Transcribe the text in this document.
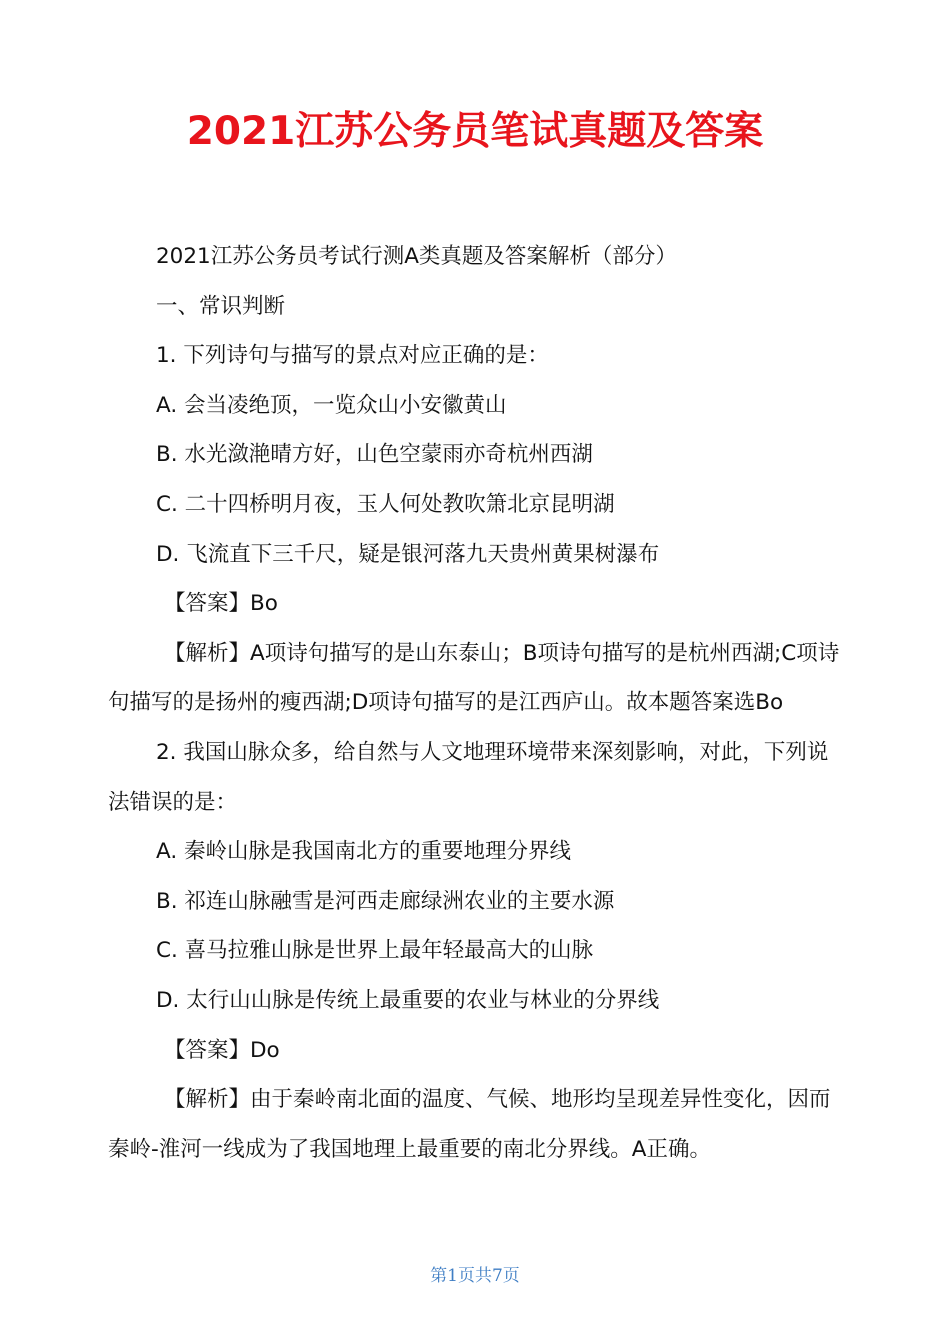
2021江苏公务员笔试真题及答案

2021江苏公务员考试行测A类真题及答案解析（部分）

一、常识判断

1. 下列诗句与描写的景点对应正确的是：

A. 会当凌绝顶，一览众山小安徽黄山

B. 水光潋滟晴方好，山色空蒙雨亦奇杭州西湖

C. 二十四桥明月夜，玉人何处教吹箫北京昆明湖

D. 飞流直下三千尺，疑是银河落九天贵州黄果树瀑布

【答案】Bo

【解析】A项诗句描写的是山东泰山；B项诗句描写的是杭州西湖;C项诗句描写的是扬州的瘦西湖;D项诗句描写的是江西庐山。故本题答案选Bo

2. 我国山脉众多，给自然与人文地理环境带来深刻影响，对此，下列说法错误的是：

A. 秦岭山脉是我国南北方的重要地理分界线

B. 祁连山脉融雪是河西走廊绿洲农业的主要水源

C. 喜马拉雅山脉是世界上最年轻最高大的山脉

D. 太行山山脉是传统上最重要的农业与林业的分界线

【答案】Do

【解析】由于秦岭南北面的温度、气候、地形均呈现差异性变化，因而秦岭-淮河一线成为了我国地理上最重要的南北分界线。A正确。

第1页共7页
